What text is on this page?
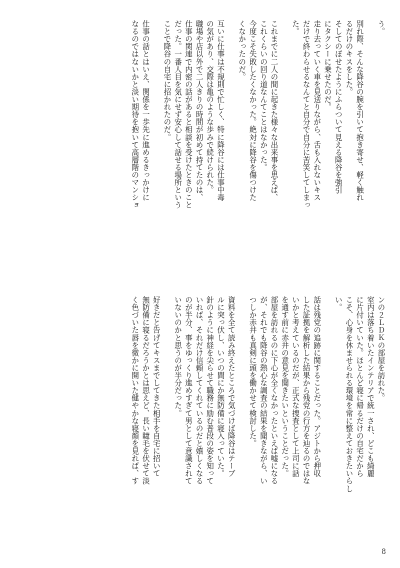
う。

別れ際、そんな降谷の腕を引いて抱き寄せ、軽く触れ
るだけのキスをした。
そしてのぼせたようにふらついて見える降谷を強引
にタクシーに乗せたのだ。
走り去っていく車を見送りながら、舌も入れないキス
だけで終わらせるなんてと自分で自分に苦笑してしまっ
た。

これまでに二人の間に起きた様々な出来事を思えば、
これくらいの回り道なんてことはなかった。
今度こそ失敗したくなかった。絶対に降谷を傷つけた
くなかったのだ。

互いに仕事は不規則で忙しく、特に降谷には仕事中毒
の気があり、交際は亀のような歩みで続けられた。
職場や店以外で二人きりの時間が初めて持てたのは、
仕事の関連で内密の話があると相談を受けたときのこと
だった。一番人目を気にせず安心して話せる場所という
ことで降谷の自宅に招かれたのだ。

仕事の話とはいえ、関係を一歩先に進めるきっかけに
なるのではないかと淡い期待を抱いて高層階のマンショ
ンの２ＬＤＫの部屋を訪れた。
室内は落ち着いたインテリアで統一され、どこも綺麗
に片付いていた。ほとんど寝に帰るだけの自宅だから
こそ、心身を休ませられる環境を常に整えておきたいらし
い。

話は残党の追跡に関することだった。アジトから押収
した証拠を解析した結果から残党の行方を辿るのではな
いかと考えているのだが、正式な捜査として上司に話
を通す前に赤井の意見を聞きたいということだった。
部屋を訪れるのに下心が全くなかったといえば嘘になる
が、それでも降谷の熱心な調査の結果を聞きながら、い
つしか赤井も真剣に頭を働かせて検討した。

資料を全て読み終えたところで気づけば降谷はテーブ
ルに突っ伏し、いつの間にか無防備に寝入っていた。
針のように神経を尖らせて職務に励む普段の姿を知って
いれば、それだけ信頼してくれているのだと嬉しくなる
のが半分、事をゆっくり進めすぎて男として意識されて
いないのかと思うのが半分だった。

好きだと告げてキスまでしてきた相手を自宅に招いて
無防備に寝るだろうかとは思えど、長い睫毛を伏せて淡
く色づいた唇を微かに開いた健やかな寝顔を見れば、す
8
